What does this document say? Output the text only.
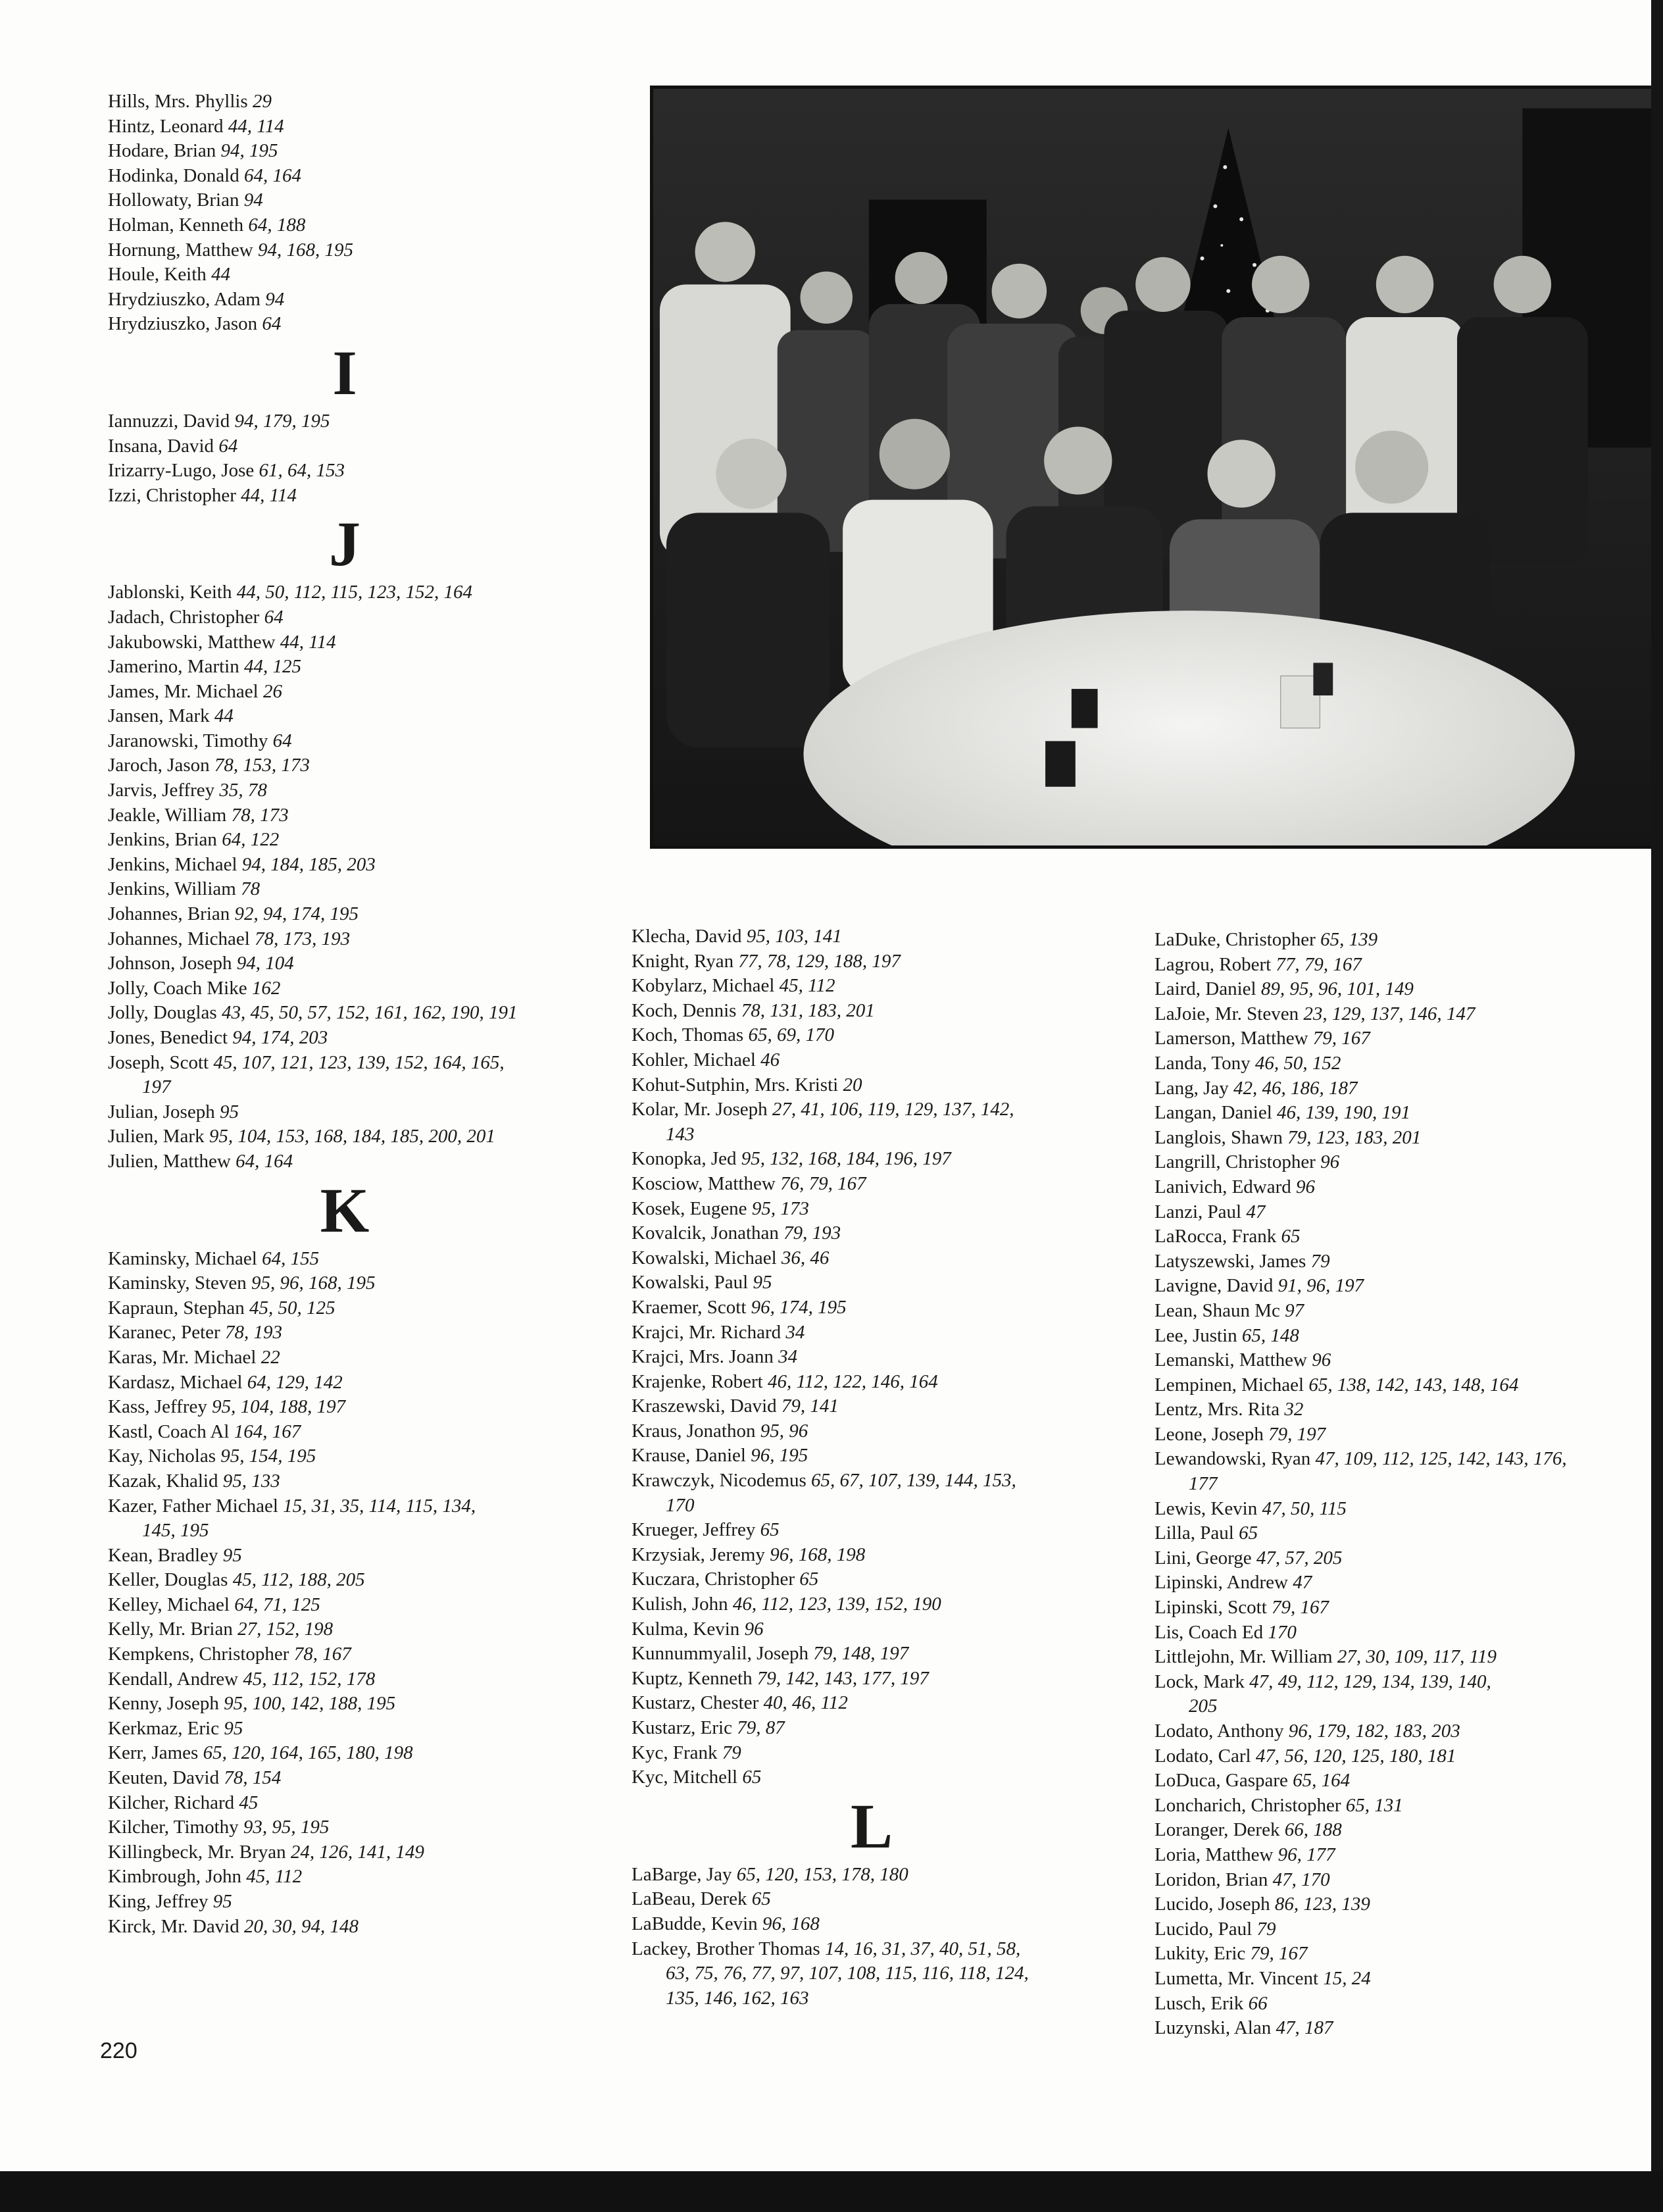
Hills, Mrs. Phyllis 29
Hintz, Leonard 44, 114
Hodare, Brian 94, 195
Hodinka, Donald 64, 164
Hollowaty, Brian 94
Holman, Kenneth 64, 188
Hornung, Matthew 94, 168, 195
Houle, Keith 44
Hrydziuszko, Adam 94
Hrydziuszko, Jason 64
I
Iannuzzi, David 94, 179, 195
Insana, David 64
Irizarry-Lugo, Jose 61, 64, 153
Izzi, Christopher 44, 114
J
Jablonski, Keith 44, 50, 112, 115, 123, 152, 164
Jadach, Christopher 64
Jakubowski, Matthew 44, 114
Jamerino, Martin 44, 125
James, Mr. Michael 26
Jansen, Mark 44
Jaranowski, Timothy 64
Jaroch, Jason 78, 153, 173
Jarvis, Jeffrey 35, 78
Jeakle, William 78, 173
Jenkins, Brian 64, 122
Jenkins, Michael 94, 184, 185, 203
Jenkins, William 78
Johannes, Brian 92, 94, 174, 195
Johannes, Michael 78, 173, 193
Johnson, Joseph 94, 104
Jolly, Coach Mike 162
Jolly, Douglas 43, 45, 50, 57, 152, 161, 162, 190, 191
Jones, Benedict 94, 174, 203
Joseph, Scott 45, 107, 121, 123, 139, 152, 164, 165,
197
Julian, Joseph 95
Julien, Mark 95, 104, 153, 168, 184, 185, 200, 201
Julien, Matthew 64, 164
K
Kaminsky, Michael 64, 155
Kaminsky, Steven 95, 96, 168, 195
Kapraun, Stephan 45, 50, 125
Karanec, Peter 78, 193
Karas, Mr. Michael 22
Kardasz, Michael 64, 129, 142
Kass, Jeffrey 95, 104, 188, 197
Kastl, Coach Al 164, 167
Kay, Nicholas 95, 154, 195
Kazak, Khalid 95, 133
Kazer, Father Michael 15, 31, 35, 114, 115, 134,
145, 195
Kean, Bradley 95
Keller, Douglas 45, 112, 188, 205
Kelley, Michael 64, 71, 125
Kelly, Mr. Brian 27, 152, 198
Kempkens, Christopher 78, 167
Kendall, Andrew 45, 112, 152, 178
Kenny, Joseph 95, 100, 142, 188, 195
Kerkmaz, Eric 95
Kerr, James 65, 120, 164, 165, 180, 198
Keuten, David 78, 154
Kilcher, Richard 45
Kilcher, Timothy 93, 95, 195
Killingbeck, Mr. Bryan 24, 126, 141, 149
Kimbrough, John 45, 112
King, Jeffrey 95
Kirck, Mr. David 20, 30, 94, 148
Klecha, David 95, 103, 141
Knight, Ryan 77, 78, 129, 188, 197
Kobylarz, Michael 45, 112
Koch, Dennis 78, 131, 183, 201
Koch, Thomas 65, 69, 170
Kohler, Michael 46
Kohut-Sutphin, Mrs. Kristi 20
Kolar, Mr. Joseph 27, 41, 106, 119, 129, 137, 142,
143
Konopka, Jed 95, 132, 168, 184, 196, 197
Kosciow, Matthew 76, 79, 167
Kosek, Eugene 95, 173
Kovalcik, Jonathan 79, 193
Kowalski, Michael 36, 46
Kowalski, Paul 95
Kraemer, Scott 96, 174, 195
Krajci, Mr. Richard 34
Krajci, Mrs. Joann 34
Krajenke, Robert 46, 112, 122, 146, 164
Kraszewski, David 79, 141
Kraus, Jonathon 95, 96
Krause, Daniel 96, 195
Krawczyk, Nicodemus 65, 67, 107, 139, 144, 153,
170
Krueger, Jeffrey 65
Krzysiak, Jeremy 96, 168, 198
Kuczara, Christopher 65
Kulish, John 46, 112, 123, 139, 152, 190
Kulma, Kevin 96
Kunnummyalil, Joseph 79, 148, 197
Kuptz, Kenneth 79, 142, 143, 177, 197
Kustarz, Chester 40, 46, 112
Kustarz, Eric 79, 87
Kyc, Frank 79
Kyc, Mitchell 65
L
LaBarge, Jay 65, 120, 153, 178, 180
LaBeau, Derek 65
LaBudde, Kevin 96, 168
Lackey, Brother Thomas 14, 16, 31, 37, 40, 51, 58,
63, 75, 76, 77, 97, 107, 108, 115, 116, 118, 124,
135, 146, 162, 163
LaDuke, Christopher 65, 139
Lagrou, Robert 77, 79, 167
Laird, Daniel 89, 95, 96, 101, 149
LaJoie, Mr. Steven 23, 129, 137, 146, 147
Lamerson, Matthew 79, 167
Landa, Tony 46, 50, 152
Lang, Jay 42, 46, 186, 187
Langan, Daniel 46, 139, 190, 191
Langlois, Shawn 79, 123, 183, 201
Langrill, Christopher 96
Lanivich, Edward 96
Lanzi, Paul 47
LaRocca, Frank 65
Latyszewski, James 79
Lavigne, David 91, 96, 197
Lean, Shaun Mc 97
Lee, Justin 65, 148
Lemanski, Matthew 96
Lempinen, Michael 65, 138, 142, 143, 148, 164
Lentz, Mrs. Rita 32
Leone, Joseph 79, 197
Lewandowski, Ryan 47, 109, 112, 125, 142, 143, 176,
177
Lewis, Kevin 47, 50, 115
Lilla, Paul 65
Lini, George 47, 57, 205
Lipinski, Andrew 47
Lipinski, Scott 79, 167
Lis, Coach Ed 170
Littlejohn, Mr. William 27, 30, 109, 117, 119
Lock, Mark 47, 49, 112, 129, 134, 139, 140,
205
Lodato, Anthony 96, 179, 182, 183, 203
Lodato, Carl 47, 56, 120, 125, 180, 181
LoDuca, Gaspare 65, 164
Loncharich, Christopher 65, 131
Loranger, Derek 66, 188
Loria, Matthew 96, 177
Loridon, Brian 47, 170
Lucido, Joseph 86, 123, 139
Lucido, Paul 79
Lukity, Eric 79, 167
Lumetta, Mr. Vincent 15, 24
Lusch, Erik 66
Luzynski, Alan 47, 187
220
